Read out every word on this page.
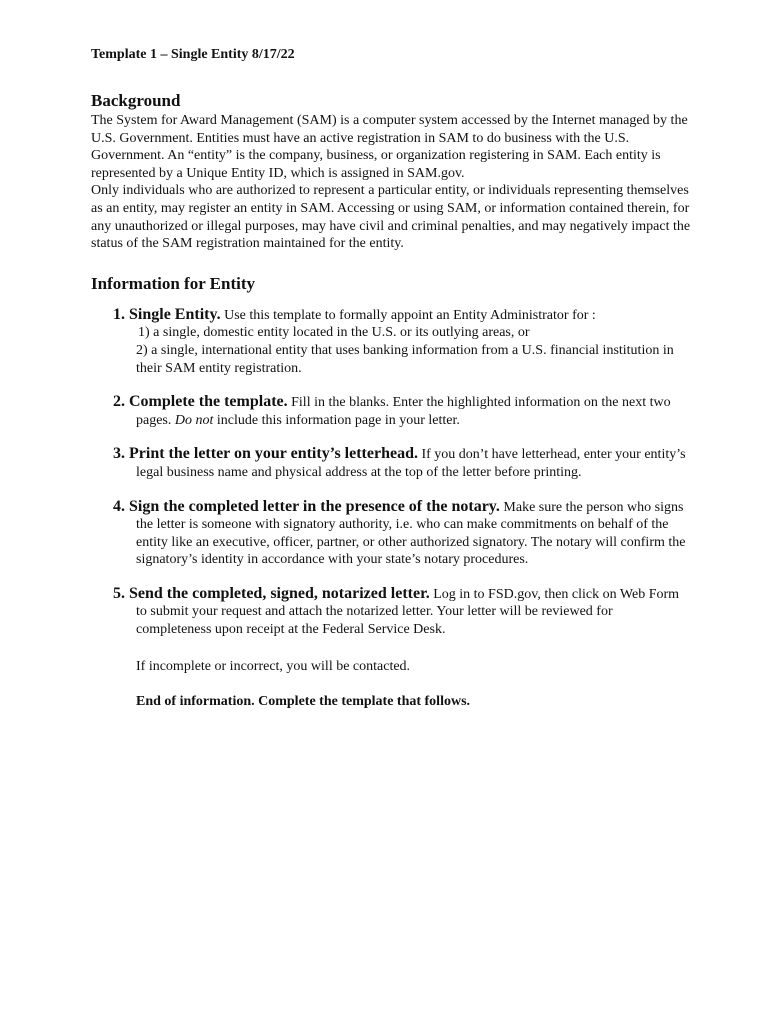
Template 1 – Single Entity 8/17/22

Background

The System for Award Management (SAM) is a computer system accessed by the Internet managed by the U.S. Government. Entities must have an active registration in SAM to do business with the U.S. Government. An “entity” is the company, business, or organization registering in SAM. Each entity is represented by a Unique Entity ID, which is assigned in SAM.gov.

Only individuals who are authorized to represent a particular entity, or individuals representing themselves as an entity, may register an entity in SAM. Accessing or using SAM, or information contained therein, for any unauthorized or illegal purposes, may have civil and criminal penalties, and may negatively impact the status of the SAM registration maintained for the entity.

Information for Entity
1. Single Entity. Use this template to formally appoint an Entity Administrator for :
1) a single, domestic entity located in the U.S. or its outlying areas, or
2) a single, international entity that uses banking information from a U.S. financial institution in their SAM entity registration.
2. Complete the template. Fill in the blanks. Enter the highlighted information on the next two pages. Do not include this information page in your letter.
3. Print the letter on your entity’s letterhead. If you don’t have letterhead, enter your entity’s legal business name and physical address at the top of the letter before printing.
4. Sign the completed letter in the presence of the notary. Make sure the person who signs the letter is someone with signatory authority, i.e. who can make commitments on behalf of the entity like an executive, officer, partner, or other authorized signatory. The notary will confirm the signatory’s identity in accordance with your state’s notary procedures.
5. Send the completed, signed, notarized letter. Log in to FSD.gov, then click on Web Form to submit your request and attach the notarized letter. Your letter will be reviewed for completeness upon receipt at the Federal Service Desk.

If incomplete or incorrect, you will be contacted.

End of information. Complete the template that follows.
